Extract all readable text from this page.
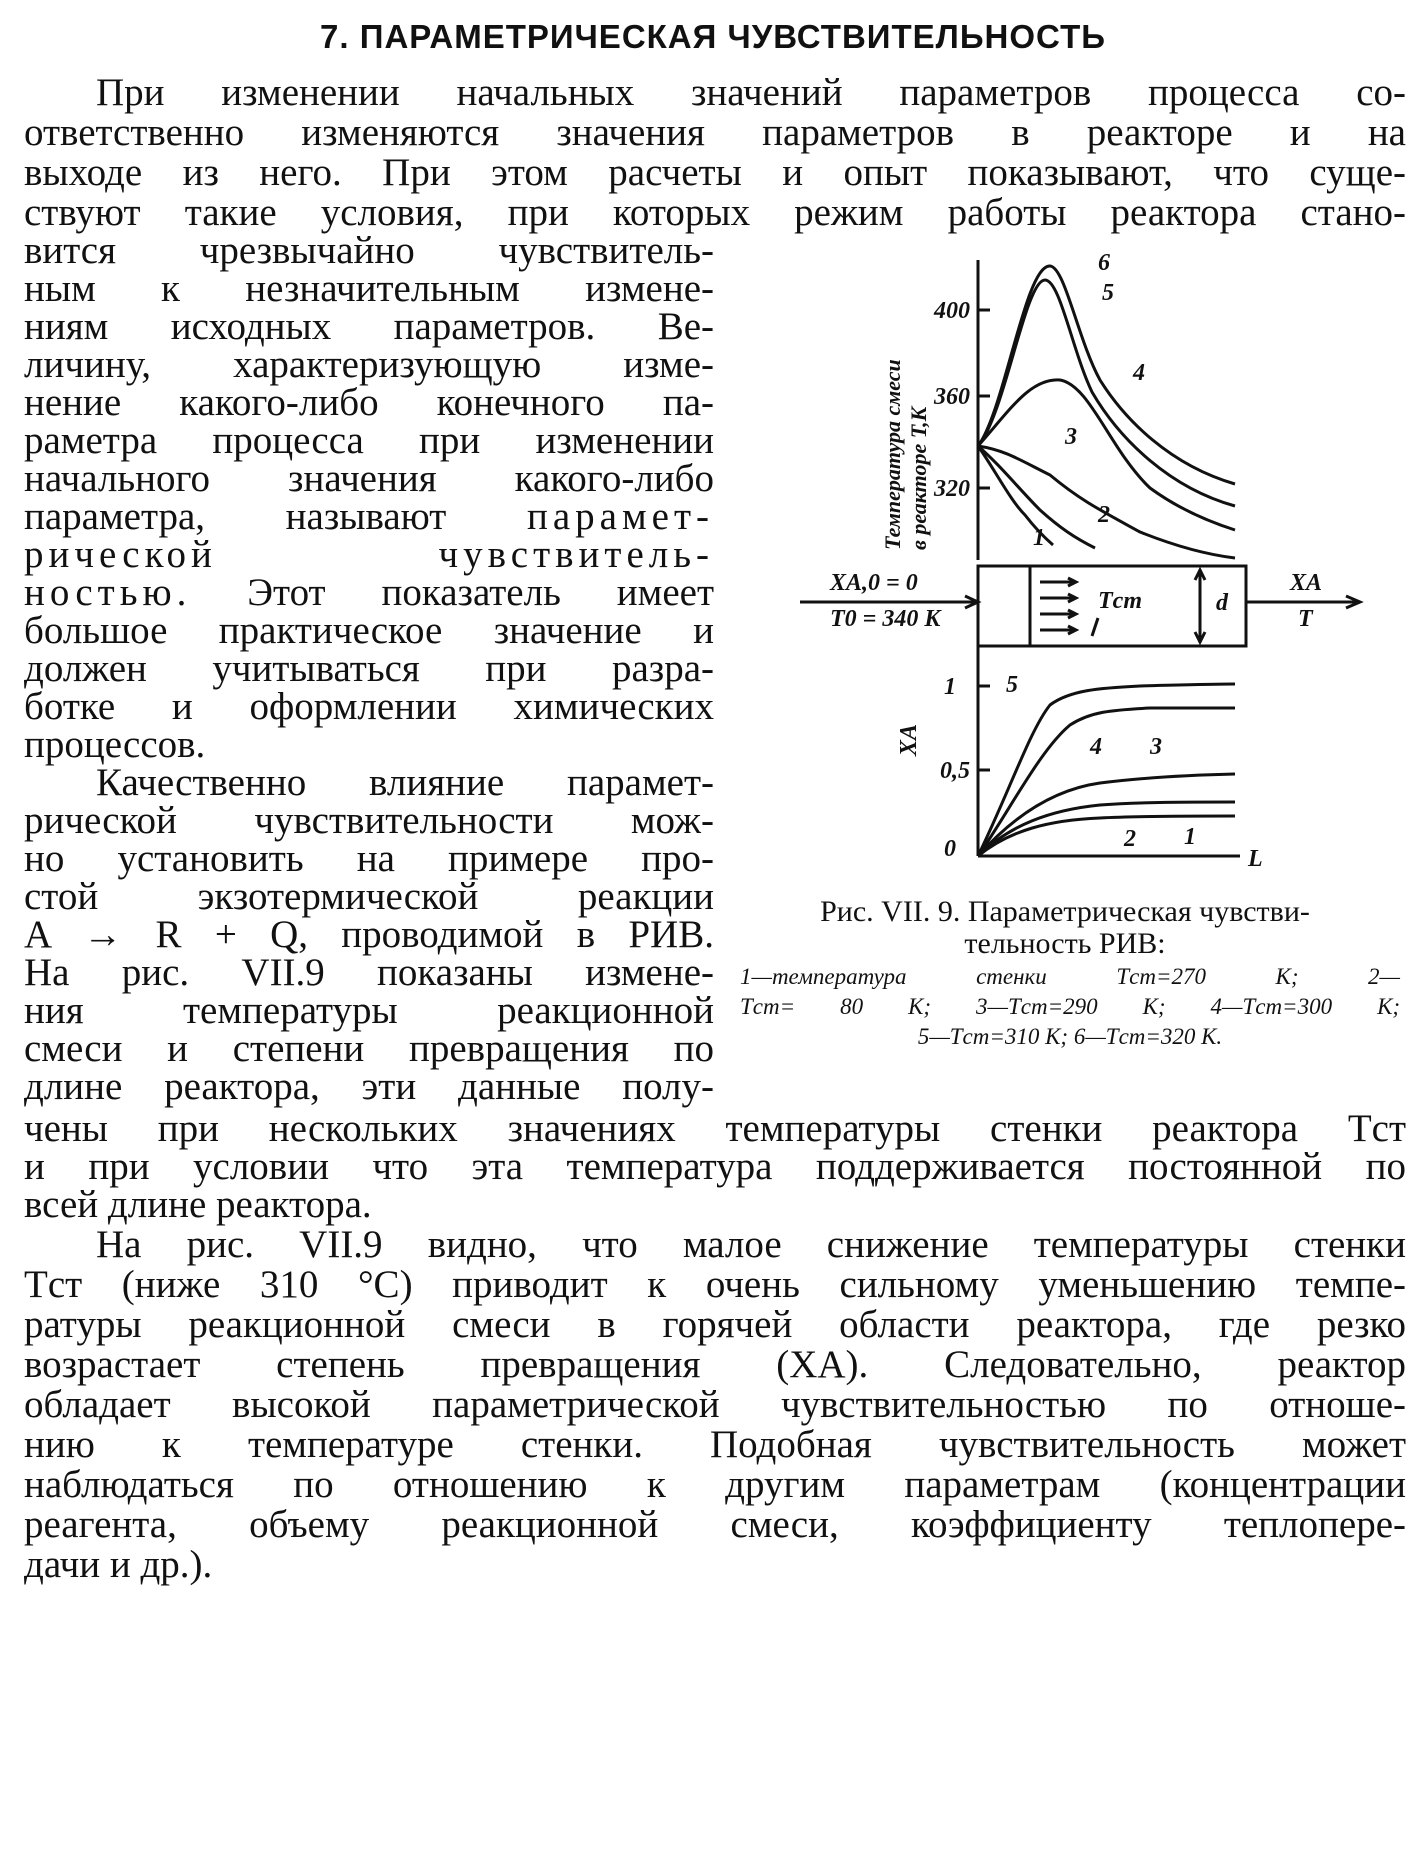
7. ПАРАМЕТРИЧЕСКАЯ ЧУВСТВИТЕЛЬНОСТЬ
При изменении начальных значений параметров процесса со-
ответственно изменяются значения параметров в реакторе и на
выходе из него. При этом расчеты и опыт показывают, что суще-
ствуют такие условия, при которых режим работы реактора стано-
вится чрезвычайно чувствитель-
ным к незначительным измене-
ниям исходных параметров. Ве-
личину, характеризующую изме-
нение какого-либо конечного па-
раметра процесса при изменении
начального значения какого-либо
параметра, называют парамет-
рической чувствитель-
ностью. Этот показатель имеет
большое практическое значение и
должен учитываться при разра-
ботке и оформлении химических
процессов.
Качественно влияние парамет-
рической чувствительности мож-
но установить на примере про-
стой экзотермической реакции
A → R + Q, проводимой в РИВ.
На рис. VII.9 показаны измене-
ния температуры реакционной
смеси и степени превращения по
длине реактора, эти данные полу-
чены при нескольких значениях температуры стенки реактора Tст
и при условии что эта температура поддерживается постоянной по
всей длине реактора.
На рис. VII.9 видно, что малое снижение температуры стенки
Tст (ниже 310 °C) приводит к очень сильному уменьшению темпе-
ратуры реакционной смеси в горячей области реактора, где резко
возрастает степень превращения (XA). Следовательно, реактор
обладает высокой параметрической чувствительностью по отноше-
нию к температуре стенки. Подобная чувствительность может
наблюдаться по отношению к другим параметрам (концентрации
реагента, объему реакционной смеси, коэффициенту теплопере-
дачи и др.).
400
360
320
Температура смеси в реакторе T,K	1
2
3
4
5
6
XA,0 = 0
T0 = 340 K
Tст	d
XA
T
1
0,5
0
XA
L
5
4 3
2 1
Рис. VII. 9. Параметрическая чувстви-
тельность РИВ:
1—температура стенки Tст=270 К; 2—
Tст= 80 К; 3—Tст=290 К; 4—Tст=300 К;
5—Tст=310 К; 6—Tст=320 К.
